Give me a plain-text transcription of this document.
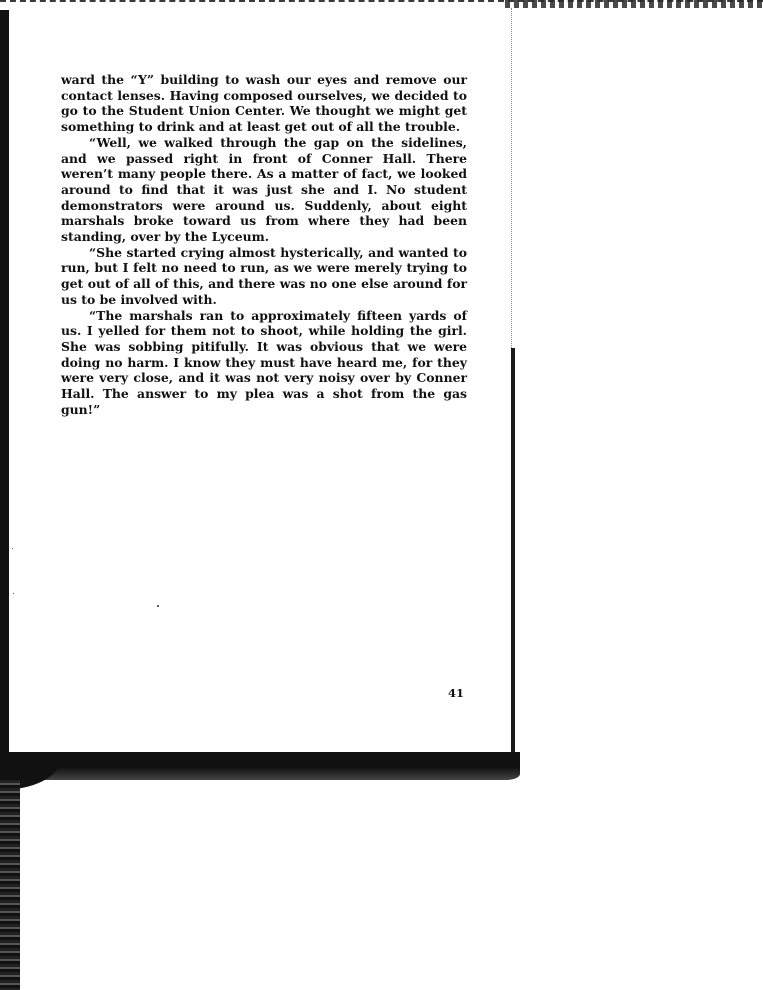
ward the “Y” building to wash our eyes and remove our contact lenses. Having composed ourselves, we decided to go to the Student Union Center. We thought we might get something to drink and at least get out of all the trouble.

“Well, we walked through the gap on the sidelines, and we passed right in front of Conner Hall. There weren’t many people there. As a matter of fact, we looked around to find that it was just she and I. No student demonstrators were around us. Suddenly, about eight marshals broke toward us from where they had been standing, over by the Lyceum.

“She started crying almost hysterically, and wanted to run, but I felt no need to run, as we were merely trying to get out of all of this, and there was no one else around for us to be involved with.

“The marshals ran to approximately fifteen yards of us. I yelled for them not to shoot, while holding the girl. She was sobbing pitifully. It was obvious that we were doing no harm. I know they must have heard me, for they were very close, and it was not very noisy over by Conner Hall. The answer to my plea was a shot from the gas gun!”

41
